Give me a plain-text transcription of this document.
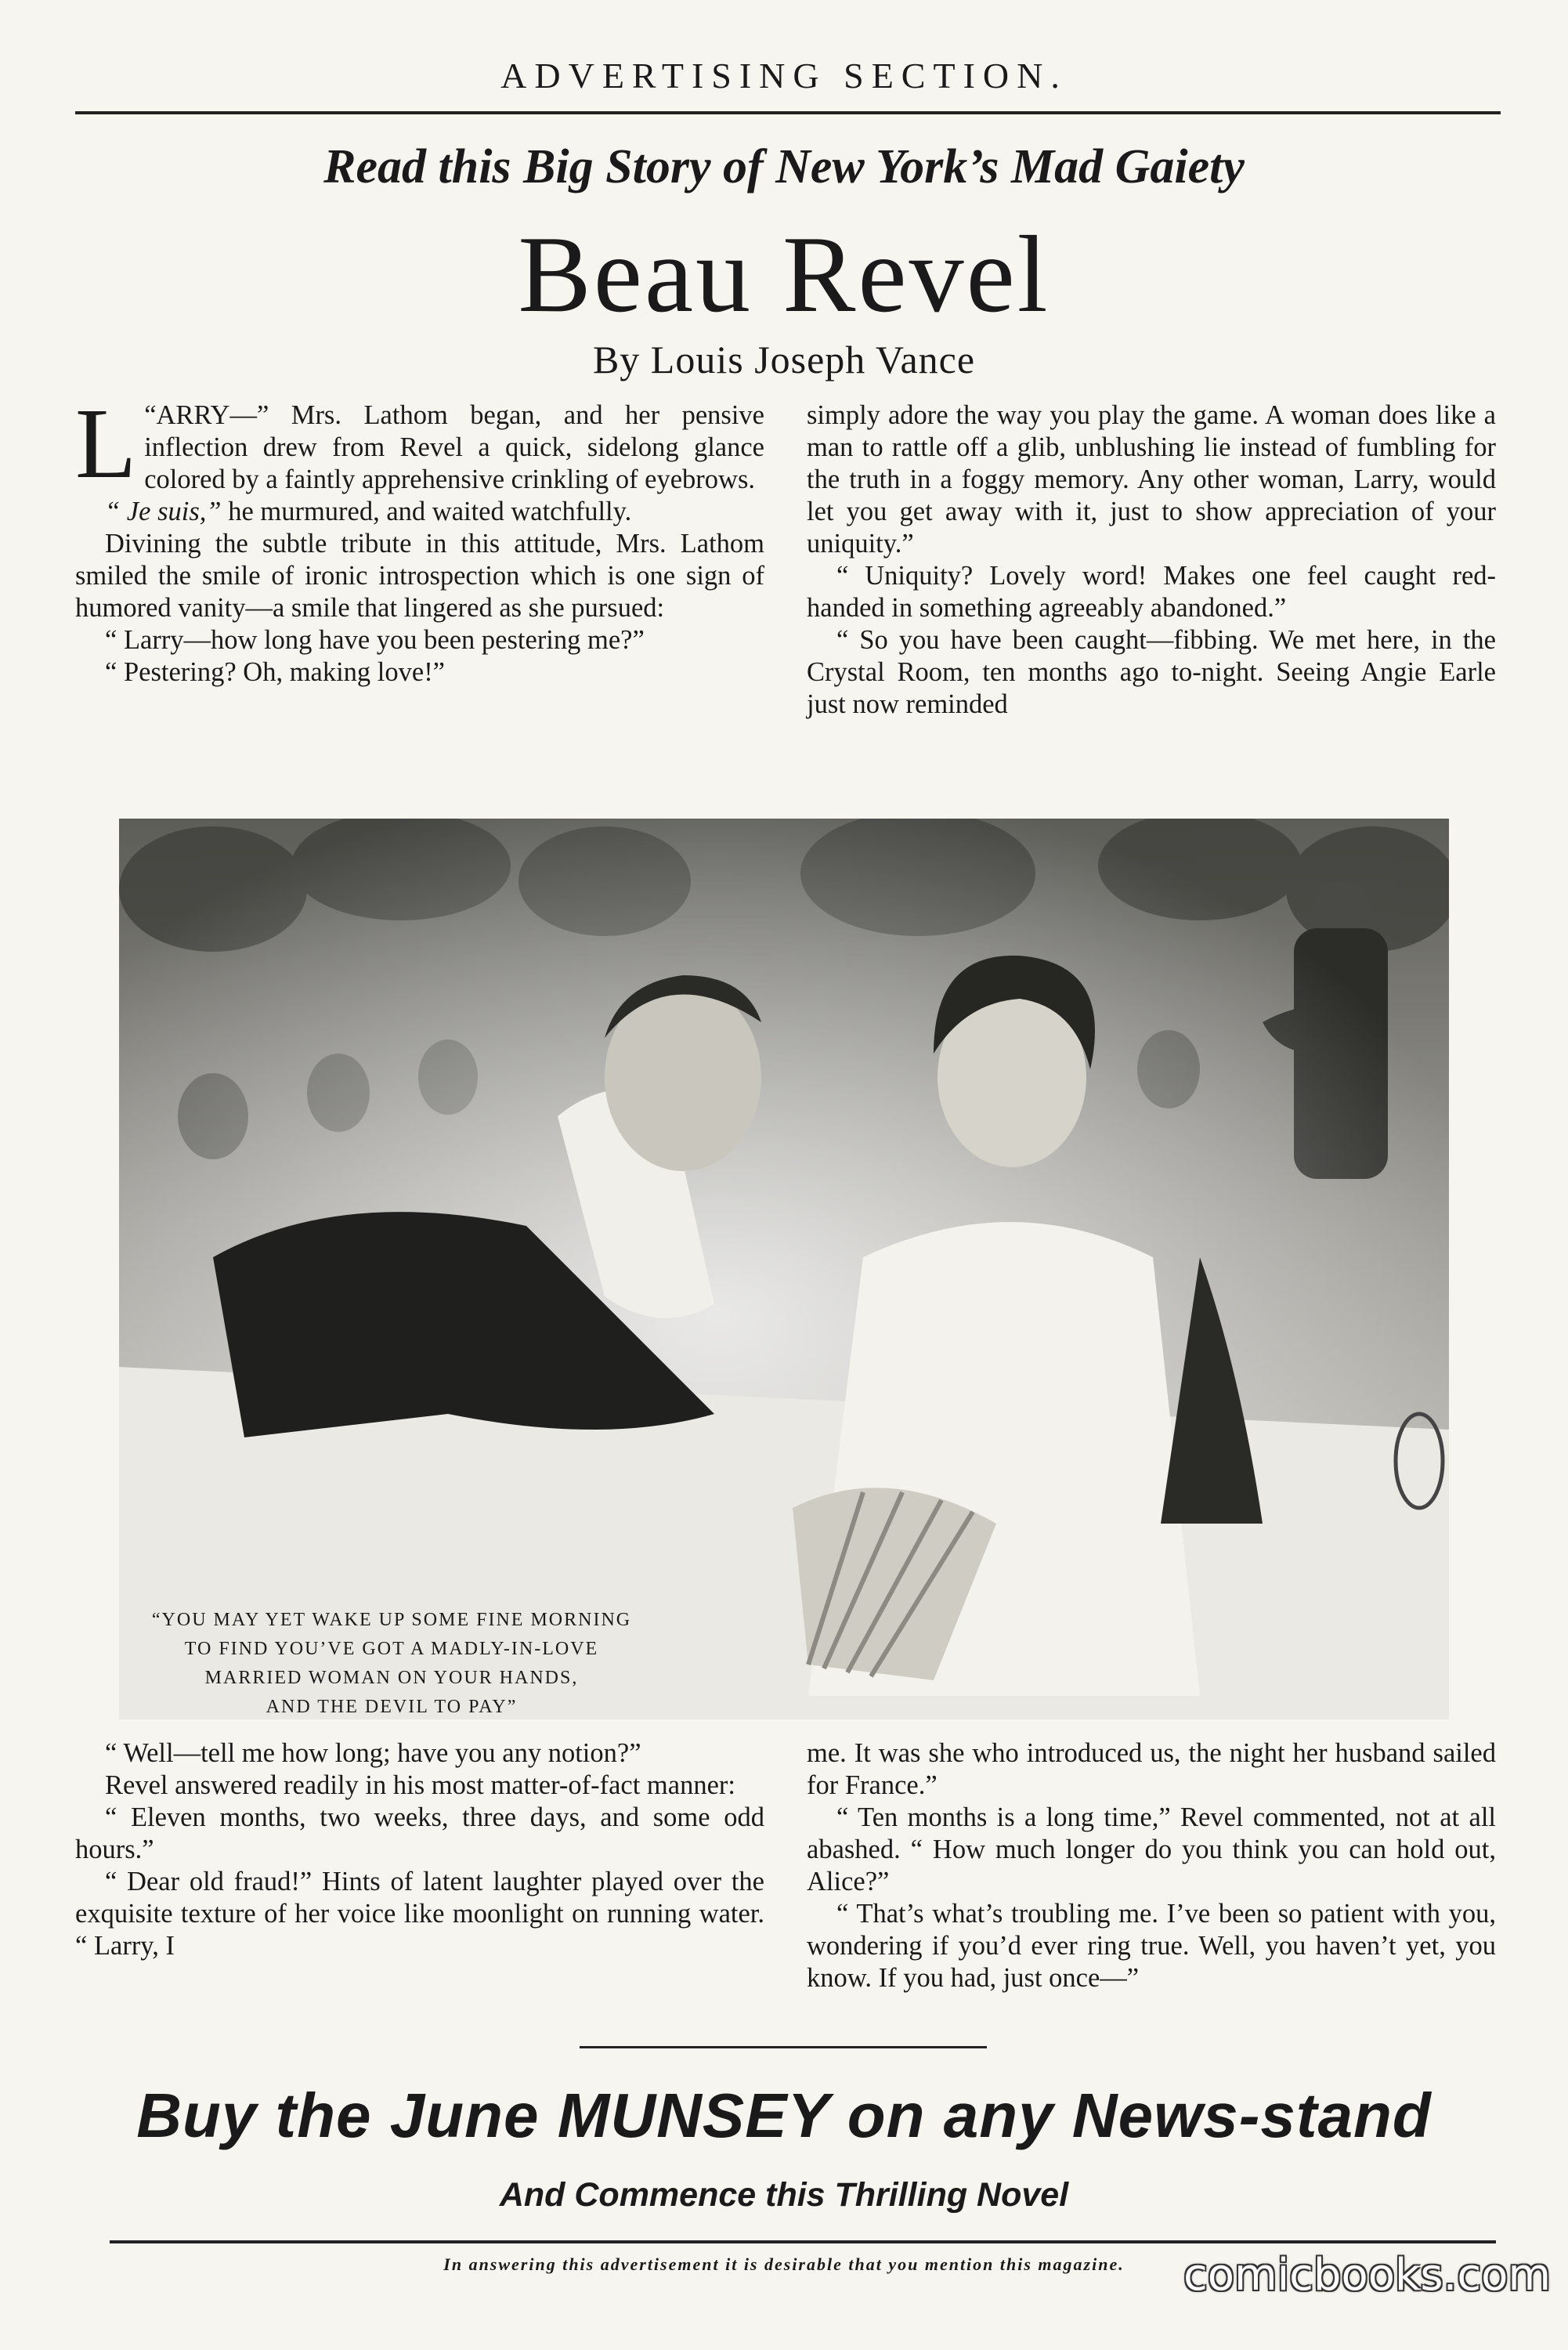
ADVERTISING SECTION.
Read this Big Story of New York’s Mad Gaiety
Beau Revel
By Louis Joseph Vance

“
L ARRY—” Mrs. Lathom began, and her pensive inflection drew from Revel a quick, sidelong glance colored by a faintly apprehensive crinkling of eyebrows.

“ Je suis,” he murmured, and waited watchfully.

Divining the subtle tribute in this attitude, Mrs. Lathom smiled the smile of ironic introspection which is one sign of humored vanity—a smile that lingered as she pursued:

“ Larry—how long have you been pestering me?”

“ Pestering? Oh, making love!”

simply adore the way you play the game. A woman does like a man to rattle off a glib, unblushing lie instead of fumbling for the truth in a foggy memory. Any other woman, Larry, would let you get away with it, just to show appreciation of your uniquity.”

“ Uniquity? Lovely word! Makes one feel caught red-handed in something agreeably abandoned.”

“ So you have been caught—fibbing. We met here, in the Crystal Room, ten months ago to-night. Seeing Angie Earle just now reminded

“YOU MAY YET WAKE UP SOME FINE MORNING
TO FIND YOU’VE GOT A MADLY-IN-LOVE
MARRIED WOMAN ON YOUR HANDS,
AND THE DEVIL TO PAY”

“ Well—tell me how long; have you any notion?”

Revel answered readily in his most matter-of-fact manner:

“ Eleven months, two weeks, three days, and some odd hours.”

“ Dear old fraud!” Hints of latent laughter played over the exquisite texture of her voice like moonlight on running water. “ Larry, I

me. It was she who introduced us, the night her husband sailed for France.”

“ Ten months is a long time,” Revel commented, not at all abashed. “ How much longer do you think you can hold out, Alice?”

“ That’s what’s troubling me. I’ve been so patient with you, wondering if you’d ever ring true. Well, you haven’t yet, you know. If you had, just once—”

Buy the June MUNSEY on any News-stand
And Commence this Thrilling Novel
In answering this advertisement it is desirable that you mention this magazine.	comicbooks.com
